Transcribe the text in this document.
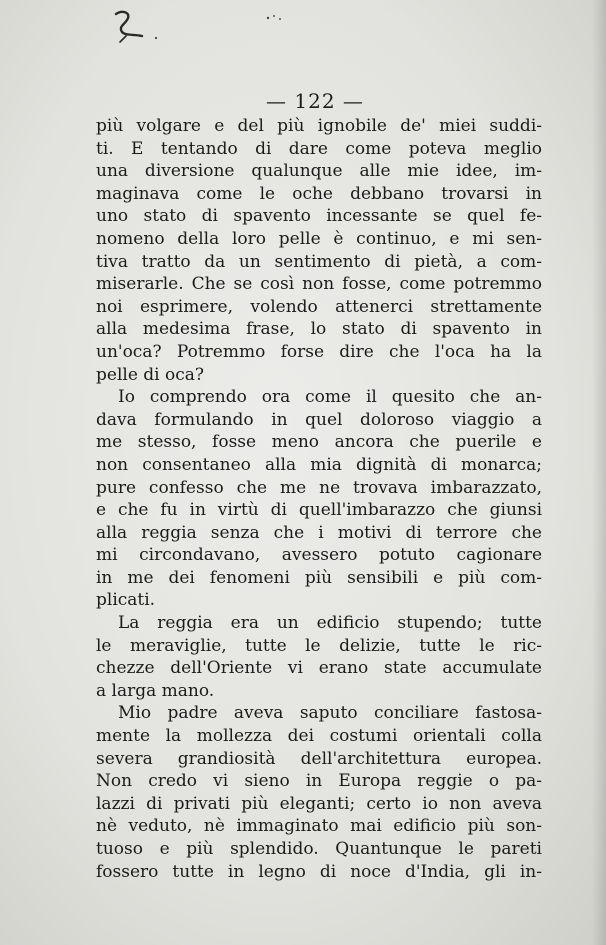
— 122 —
più volgare e del più ignobile de' miei suddi-
ti. E tentando di dare come poteva meglio
una diversione qualunque alle mie idee, im-
maginava come le oche debbano trovarsi in
uno stato di spavento incessante se quel fe-
nomeno della loro pelle è continuo, e mi sen-
tiva tratto da un sentimento di pietà, a com-
miserarle. Che se così non fosse, come potremmo
noi esprimere, volendo attenerci strettamente
alla medesima frase, lo stato di spavento in
un'oca? Potremmo forse dire che l'oca ha la
pelle di oca?
Io comprendo ora come il quesito che an-
dava formulando in quel doloroso viaggio a
me stesso, fosse meno ancora che puerile e
non consentaneo alla mia dignità di monarca;
pure confesso che me ne trovava imbarazzato,
e che fu in virtù di quell'imbarazzo che giunsi
alla reggia senza che i motivi di terrore che
mi circondavano, avessero potuto cagionare
in me dei fenomeni più sensibili e più com-
plicati.
La reggia era un edificio stupendo; tutte
le meraviglie, tutte le delizie, tutte le ric-
chezze dell'Oriente vi erano state accumulate
a larga mano.
Mio padre aveva saputo conciliare fastosa-
mente la mollezza dei costumi orientali colla
severa grandiosità dell'architettura europea.
Non credo vi sieno in Europa reggie o pa-
lazzi di privati più eleganti; certo io non aveva
nè veduto, nè immaginato mai edificio più son-
tuoso e più splendido. Quantunque le pareti
fossero tutte in legno di noce d'India, gli in-
